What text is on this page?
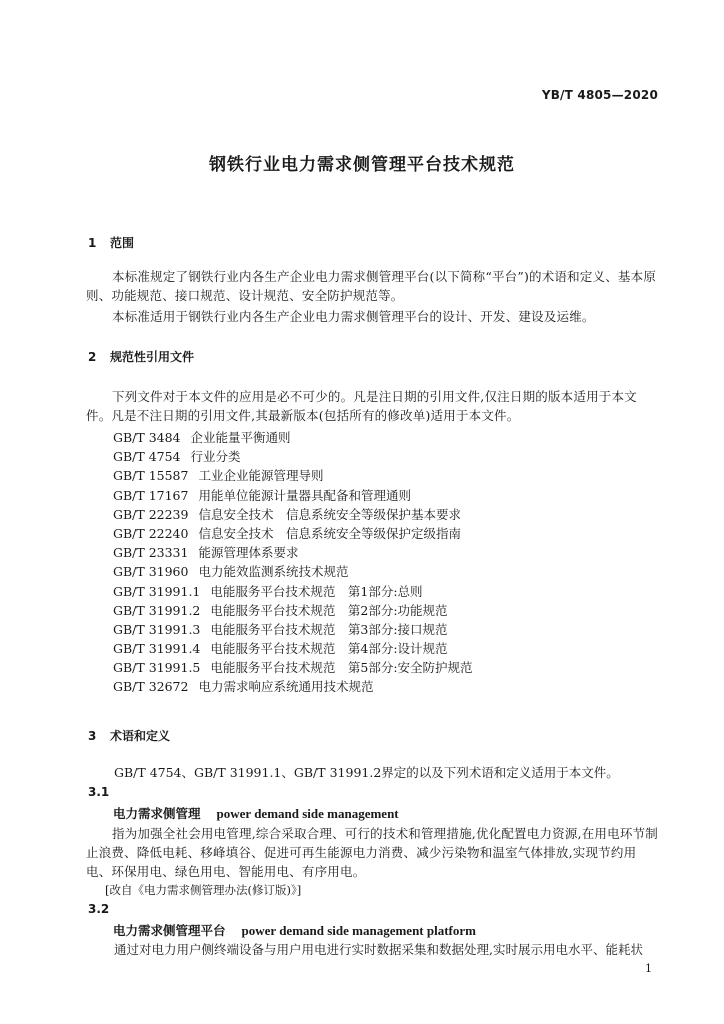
YB/T 4805—2020
钢铁行业电力需求侧管理平台技术规范
1 范围
本标准规定了钢铁行业内各生产企业电力需求侧管理平台(以下简称“平台”)的术语和定义、基本原则、功能规范、接口规范、设计规范、安全防护规范等。
本标准适用于钢铁行业内各生产企业电力需求侧管理平台的设计、开发、建设及运维。
2 规范性引用文件
下列文件对于本文件的应用是必不可少的。凡是注日期的引用文件,仅注日期的版本适用于本文件。凡是不注日期的引用文件,其最新版本(包括所有的修改单)适用于本文件。
GB/T 3484 企业能量平衡通则
GB/T 4754 行业分类
GB/T 15587 工业企业能源管理导则
GB/T 17167 用能单位能源计量器具配备和管理通则
GB/T 22239 信息安全技术　信息系统安全等级保护基本要求
GB/T 22240 信息安全技术　信息系统安全等级保护定级指南
GB/T 23331 能源管理体系要求
GB/T 31960 电力能效监测系统技术规范
GB/T 31991.1 电能服务平台技术规范　第1部分:总则
GB/T 31991.2 电能服务平台技术规范　第2部分:功能规范
GB/T 31991.3 电能服务平台技术规范　第3部分:接口规范
GB/T 31991.4 电能服务平台技术规范　第4部分:设计规范
GB/T 31991.5 电能服务平台技术规范　第5部分:安全防护规范
GB/T 32672 电力需求响应系统通用技术规范
3 术语和定义
GB/T 4754、GB/T 31991.1、GB/T 31991.2界定的以及下列术语和定义适用于本文件。
3.1
电力需求侧管理 power demand side management
指为加强全社会用电管理,综合采取合理、可行的技术和管理措施,优化配置电力资源,在用电环节制止浪费、降低电耗、移峰填谷、促进可再生能源电力消费、减少污染物和温室气体排放,实现节约用电、环保用电、绿色用电、智能用电、有序用电。
[改自《电力需求侧管理办法(修订版)》]
3.2
电力需求侧管理平台 power demand side management platform
通过对电力用户侧终端设备与用户用电进行实时数据采集和数据处理,实时展示用电水平、能耗状
1
